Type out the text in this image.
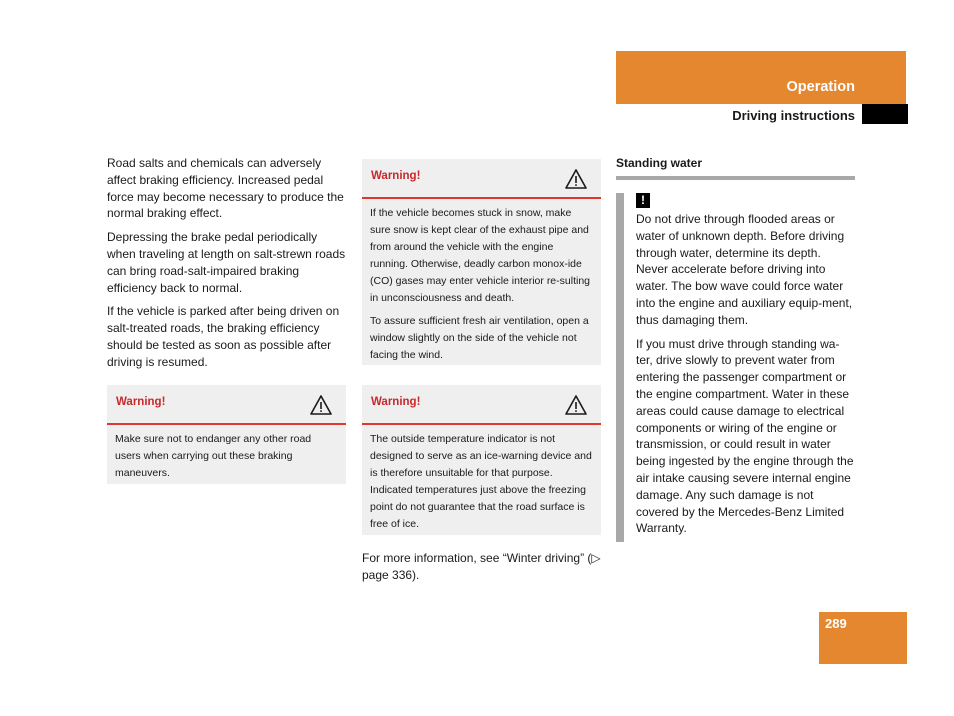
Operation
Driving instructions

Road salts and chemicals can adversely affect braking efficiency. Increased pedal force may become necessary to produce the normal braking effect.

Depressing the brake pedal periodically when traveling at length on salt-strewn roads can bring road-salt-impaired braking efficiency back to normal.

If the vehicle is parked after being driven on salt-treated roads, the braking efficiency should be tested as soon as possible after driving is resumed.

Warning!

Make sure not to endanger any other road users when carrying out these braking maneuvers.

Warning!

If the vehicle becomes stuck in snow, make sure snow is kept clear of the exhaust pipe and from around the vehicle with the engine running. Otherwise, deadly carbon monox-ide (CO) gases may enter vehicle interior re-sulting in unconsciousness and death.

To assure sufficient fresh air ventilation, open a window slightly on the side of the vehicle not facing the wind.

Warning!

The outside temperature indicator is not designed to serve as an ice-warning device and is therefore unsuitable for that purpose. Indicated temperatures just above the freezing point do not guarantee that the road surface is free of ice.

For more information, see “Winter driving” (▷ page 336).
Standing water
!

Do not drive through flooded areas or water of unknown depth. Before driving through water, determine its depth. Never accelerate before driving into water. The bow wave could force water into the engine and auxiliary equip-ment, thus damaging them.

If you must drive through standing wa-ter, drive slowly to prevent water from entering the passenger compartment or the engine compartment. Water in these areas could cause damage to electrical components or wiring of the engine or transmission, or could result in water being ingested by the engine through the air intake causing severe internal engine damage. Any such damage is not covered by the Mercedes-Benz Limited Warranty.

289
